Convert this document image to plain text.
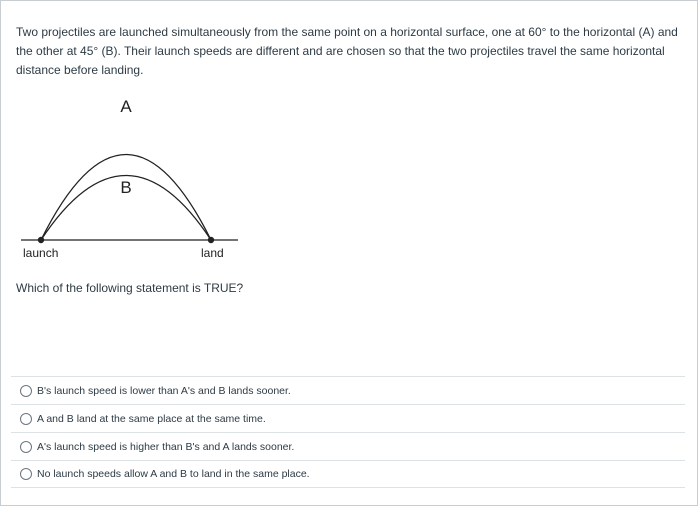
Two projectiles are launched simultaneously from the same point on a horizontal surface, one at 60° to the horizontal (A) and the other at 45° (B). Their launch speeds are different and are chosen so that the two projectiles travel the same horizontal distance before landing.

A
B
launch	land

Which of the following statement is TRUE?

B's launch speed is lower than A's and B lands sooner.
A and B land at the same place at the same time.
A's launch speed is higher than B's and A lands sooner.
No launch speeds allow A and B to land in the same place.
